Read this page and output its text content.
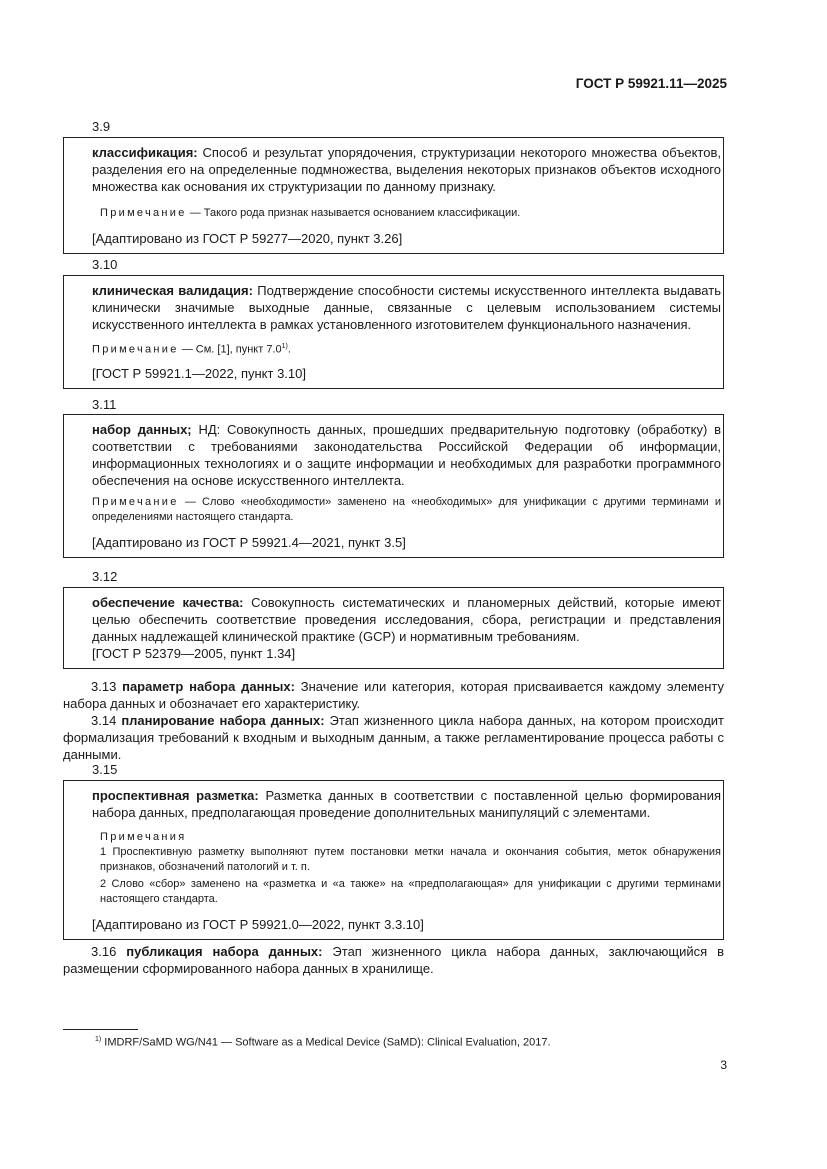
ГОСТ Р 59921.11—2025
3.9

классификация: Способ и результат упорядочения, структуризации некоторого множества объектов, разделения его на определенные подмножества, выделения некоторых признаков объектов исходного множества как основания их структуризации по данному признаку.

Примечание — Такого рода признак называется основанием классификации.

[Адаптировано из ГОСТ Р 59277—2020, пункт 3.26]

3.10

клиническая валидация: Подтверждение способности системы искусственного интеллекта выдавать клинически значимые выходные данные, связанные с целевым использованием системы искусственного интеллекта в рамках установленного изготовителем функционального назначения.

Примечание — См. [1], пункт 7.0$^{1)}$.

[ГОСТ Р 59921.1—2022, пункт 3.10]

3.11

набор данных; НД: Совокупность данных, прошедших предварительную подготовку (обработку) в соответствии с требованиями законодательства Российской Федерации об информации, информационных технологиях и о защите информации и необходимых для разработки программного обеспечения на основе искусственного интеллекта.

Примечание — Слово «необходимости» заменено на «необходимых» для унификации с другими терминами и определениями настоящего стандарта.

[Адаптировано из ГОСТ Р 59921.4—2021, пункт 3.5]

3.12

обеспечение качества: Совокупность систематических и планомерных действий, которые имеют целью обеспечить соответствие проведения исследования, сбора, регистрации и представления данных надлежащей клинической практике (GCP) и нормативным требованиям.

[ГОСТ Р 52379—2005, пункт 1.34]

3.13 параметр набора данных: Значение или категория, которая присваивается каждому элементу набора данных и обозначает его характеристику.

3.14 планирование набора данных: Этап жизненного цикла набора данных, на котором происходит формализация требований к входным и выходным данным, а также регламентирование процесса работы с данными.

3.15

проспективная разметка: Разметка данных в соответствии с поставленной целью формирования набора данных, предполагающая проведение дополнительных манипуляций с элементами.

Примечания

1 Проспективную разметку выполняют путем постановки метки начала и окончания события, меток обнаружения признаков, обозначений патологий и т. п.

2 Слово «сбор» заменено на «разметка и «а также» на «предполагающая» для унификации с другими терминами настоящего стандарта.

[Адаптировано из ГОСТ Р 59921.0—2022, пункт 3.3.10]

3.16 публикация набора данных: Этап жизненного цикла набора данных, заключающийся в размещении сформированного набора данных в хранилище.

$^{1)}$ IMDRF/SaMD WG/N41 — Software as a Medical Device (SaMD): Clinical Evaluation, 2017.
3
